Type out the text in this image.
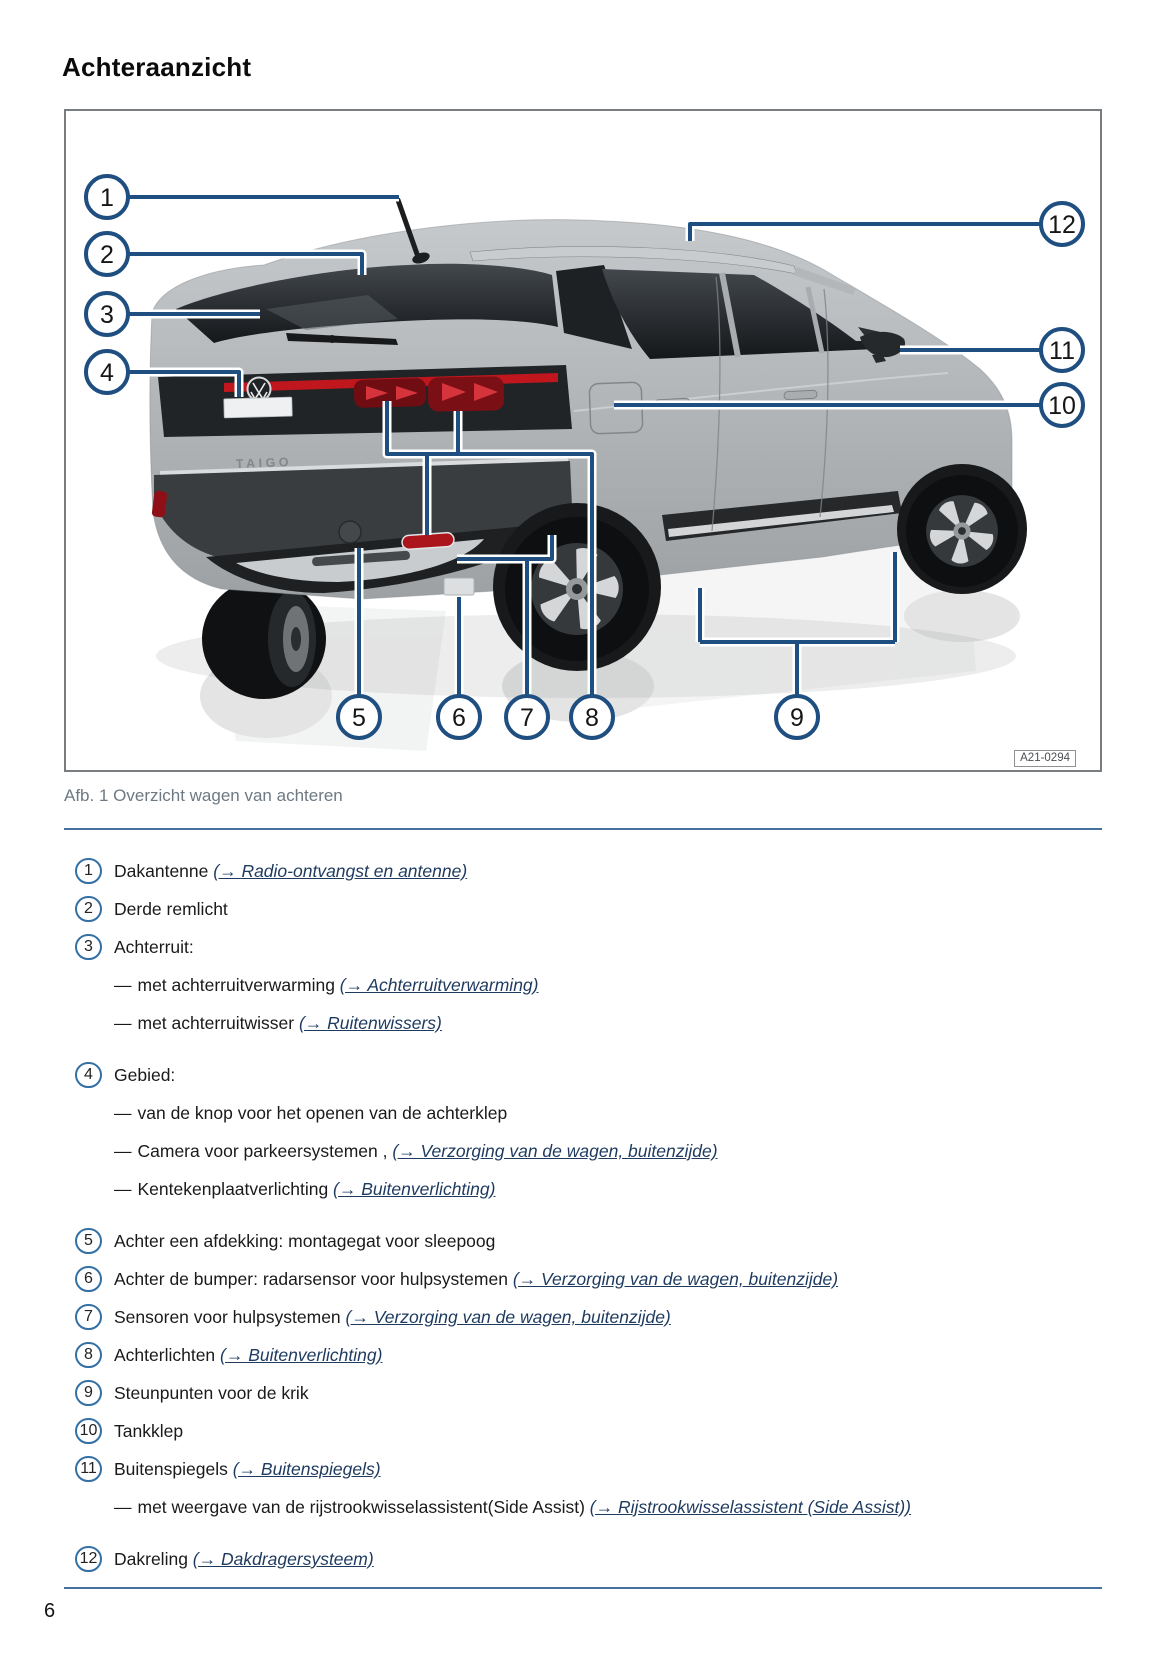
Achteraanzicht
TAIGO
1
2
3
4
5	6 7 8	9
10
11
12
A21-0294
Afb. 1 Overzicht wagen van achteren
1	Dakantenne (→ Radio-ontvangst en antenne)
2	Derde remlicht
3	Achterruit:
— met achterruitverwarming (→ Achterruitverwarming)
— met achterruitwisser (→ Ruitenwissers)
4	Gebied:
— van de knop voor het openen van de achterklep
— Camera voor parkeersystemen , (→ Verzorging van de wagen, buitenzijde)
— Kentekenplaatverlichting (→ Buitenverlichting)
5	Achter een afdekking: montagegat voor sleepoog
6	Achter de bumper: radarsensor voor hulpsystemen (→ Verzorging van de wagen, buitenzijde)
7	Sensoren voor hulpsystemen (→ Verzorging van de wagen, buitenzijde)
8	Achterlichten (→ Buitenverlichting)
9	Steunpunten voor de krik
10 Tankklep
11 Buitenspiegels (→ Buitenspiegels)
— met weergave van de rijstrookwisselassistent(Side Assist) (→ Rijstrookwisselassistent (Side Assist))
12 Dakreling (→ Dakdragersysteem)
6
